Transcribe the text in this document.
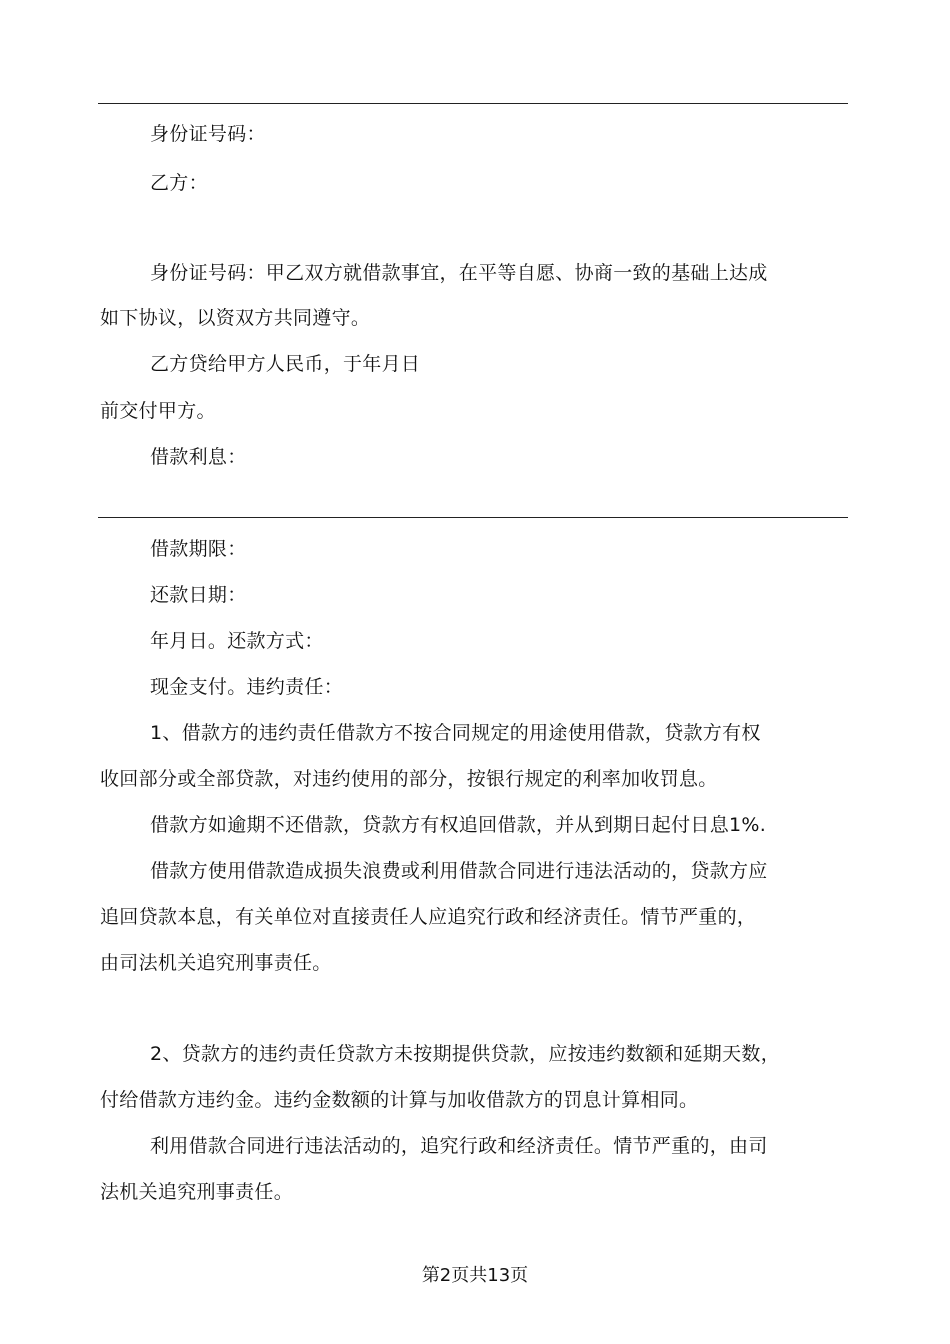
身份证号码：
乙方：
身份证号码：甲乙双方就借款事宜，在平等自愿、协商一致的基础上达成
如下协议，以资双方共同遵守。
乙方贷给甲方人民币，于年月日
前交付甲方。
借款利息：
借款期限：
还款日期：
年月日。还款方式：
现金支付。违约责任：
1、借款方的违约责任借款方不按合同规定的用途使用借款，贷款方有权
收回部分或全部贷款，对违约使用的部分，按银行规定的利率加收罚息。
借款方如逾期不还借款，贷款方有权追回借款，并从到期日起付日息1%.
借款方使用借款造成损失浪费或利用借款合同进行违法活动的，贷款方应
追回贷款本息，有关单位对直接责任人应追究行政和经济责任。情节严重的，
由司法机关追究刑事责任。
2、贷款方的违约责任贷款方未按期提供贷款，应按违约数额和延期天数，
付给借款方违约金。违约金数额的计算与加收借款方的罚息计算相同。
利用借款合同进行违法活动的，追究行政和经济责任。情节严重的，由司
法机关追究刑事责任。
第2页共13页
